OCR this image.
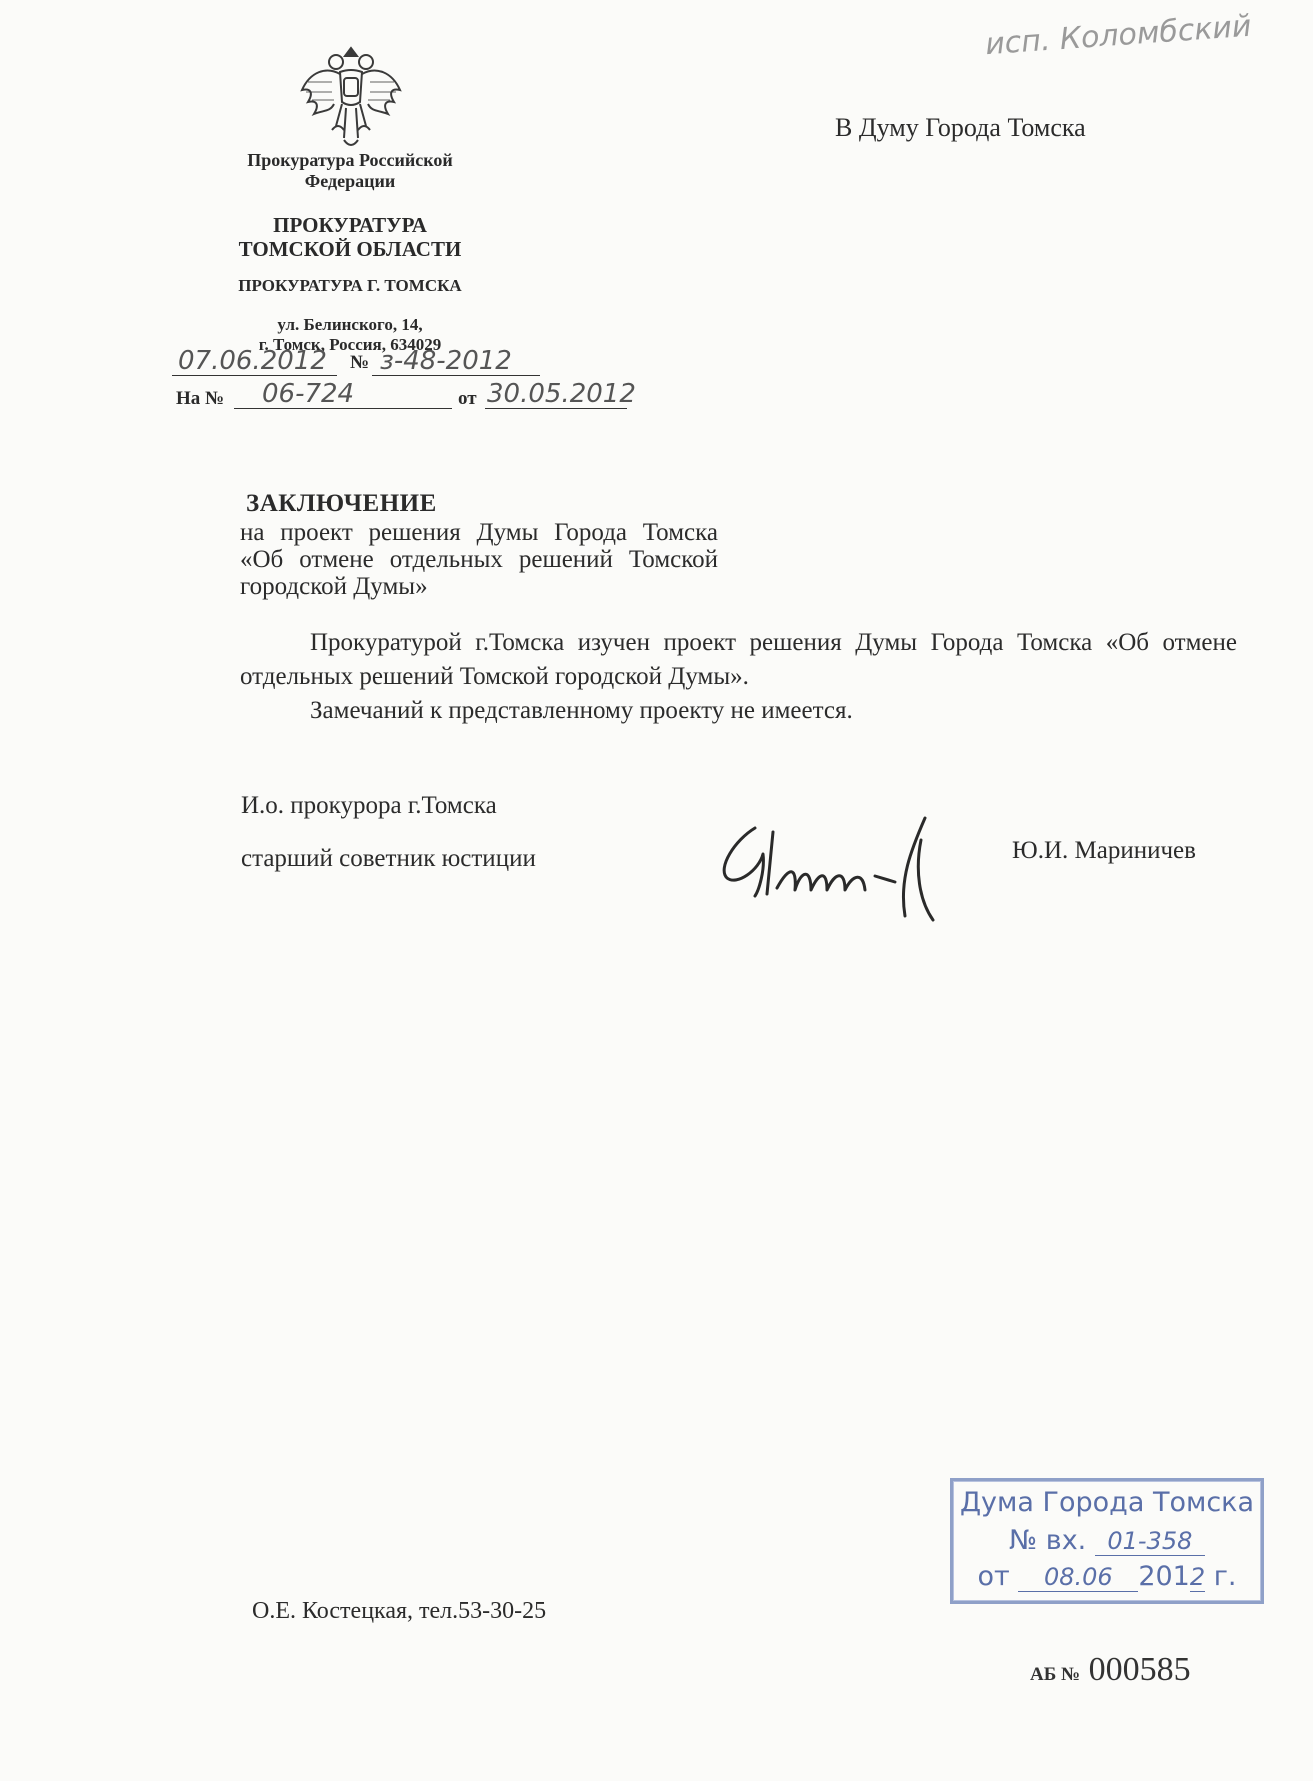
исп. Коломбский
Прокуратура Российской
Федерации
ПРОКУРАТУРА
ТОМСКОЙ ОБЛАСТИ
ПРОКУРАТУРА Г. ТОМСКА
ул. Белинского, 14,
г. Томск, Россия, 634029
07.06.2012 № з-48-2012
На № 06-724	от 30.05.2012
В Думу Города Томска
ЗАКЛЮЧЕНИЕ
на проект решения Думы Города Томска «Об отмене отдельных решений Томской городской Думы»
Прокуратурой г.Томска изучен проект решения Думы Города Томска «Об отмене отдельных решений Томской городской Думы».
Замечаний к представленному проекту не имеется.
И.о. прокурора г.Томска
старший советник юстиции	Ю.И. Мариничев
Дума Города Томска
№ вх. 01-358
от 08.06 2012 г.
О.Е. Костецкая, тел.53-30-25
АБ № 000585
